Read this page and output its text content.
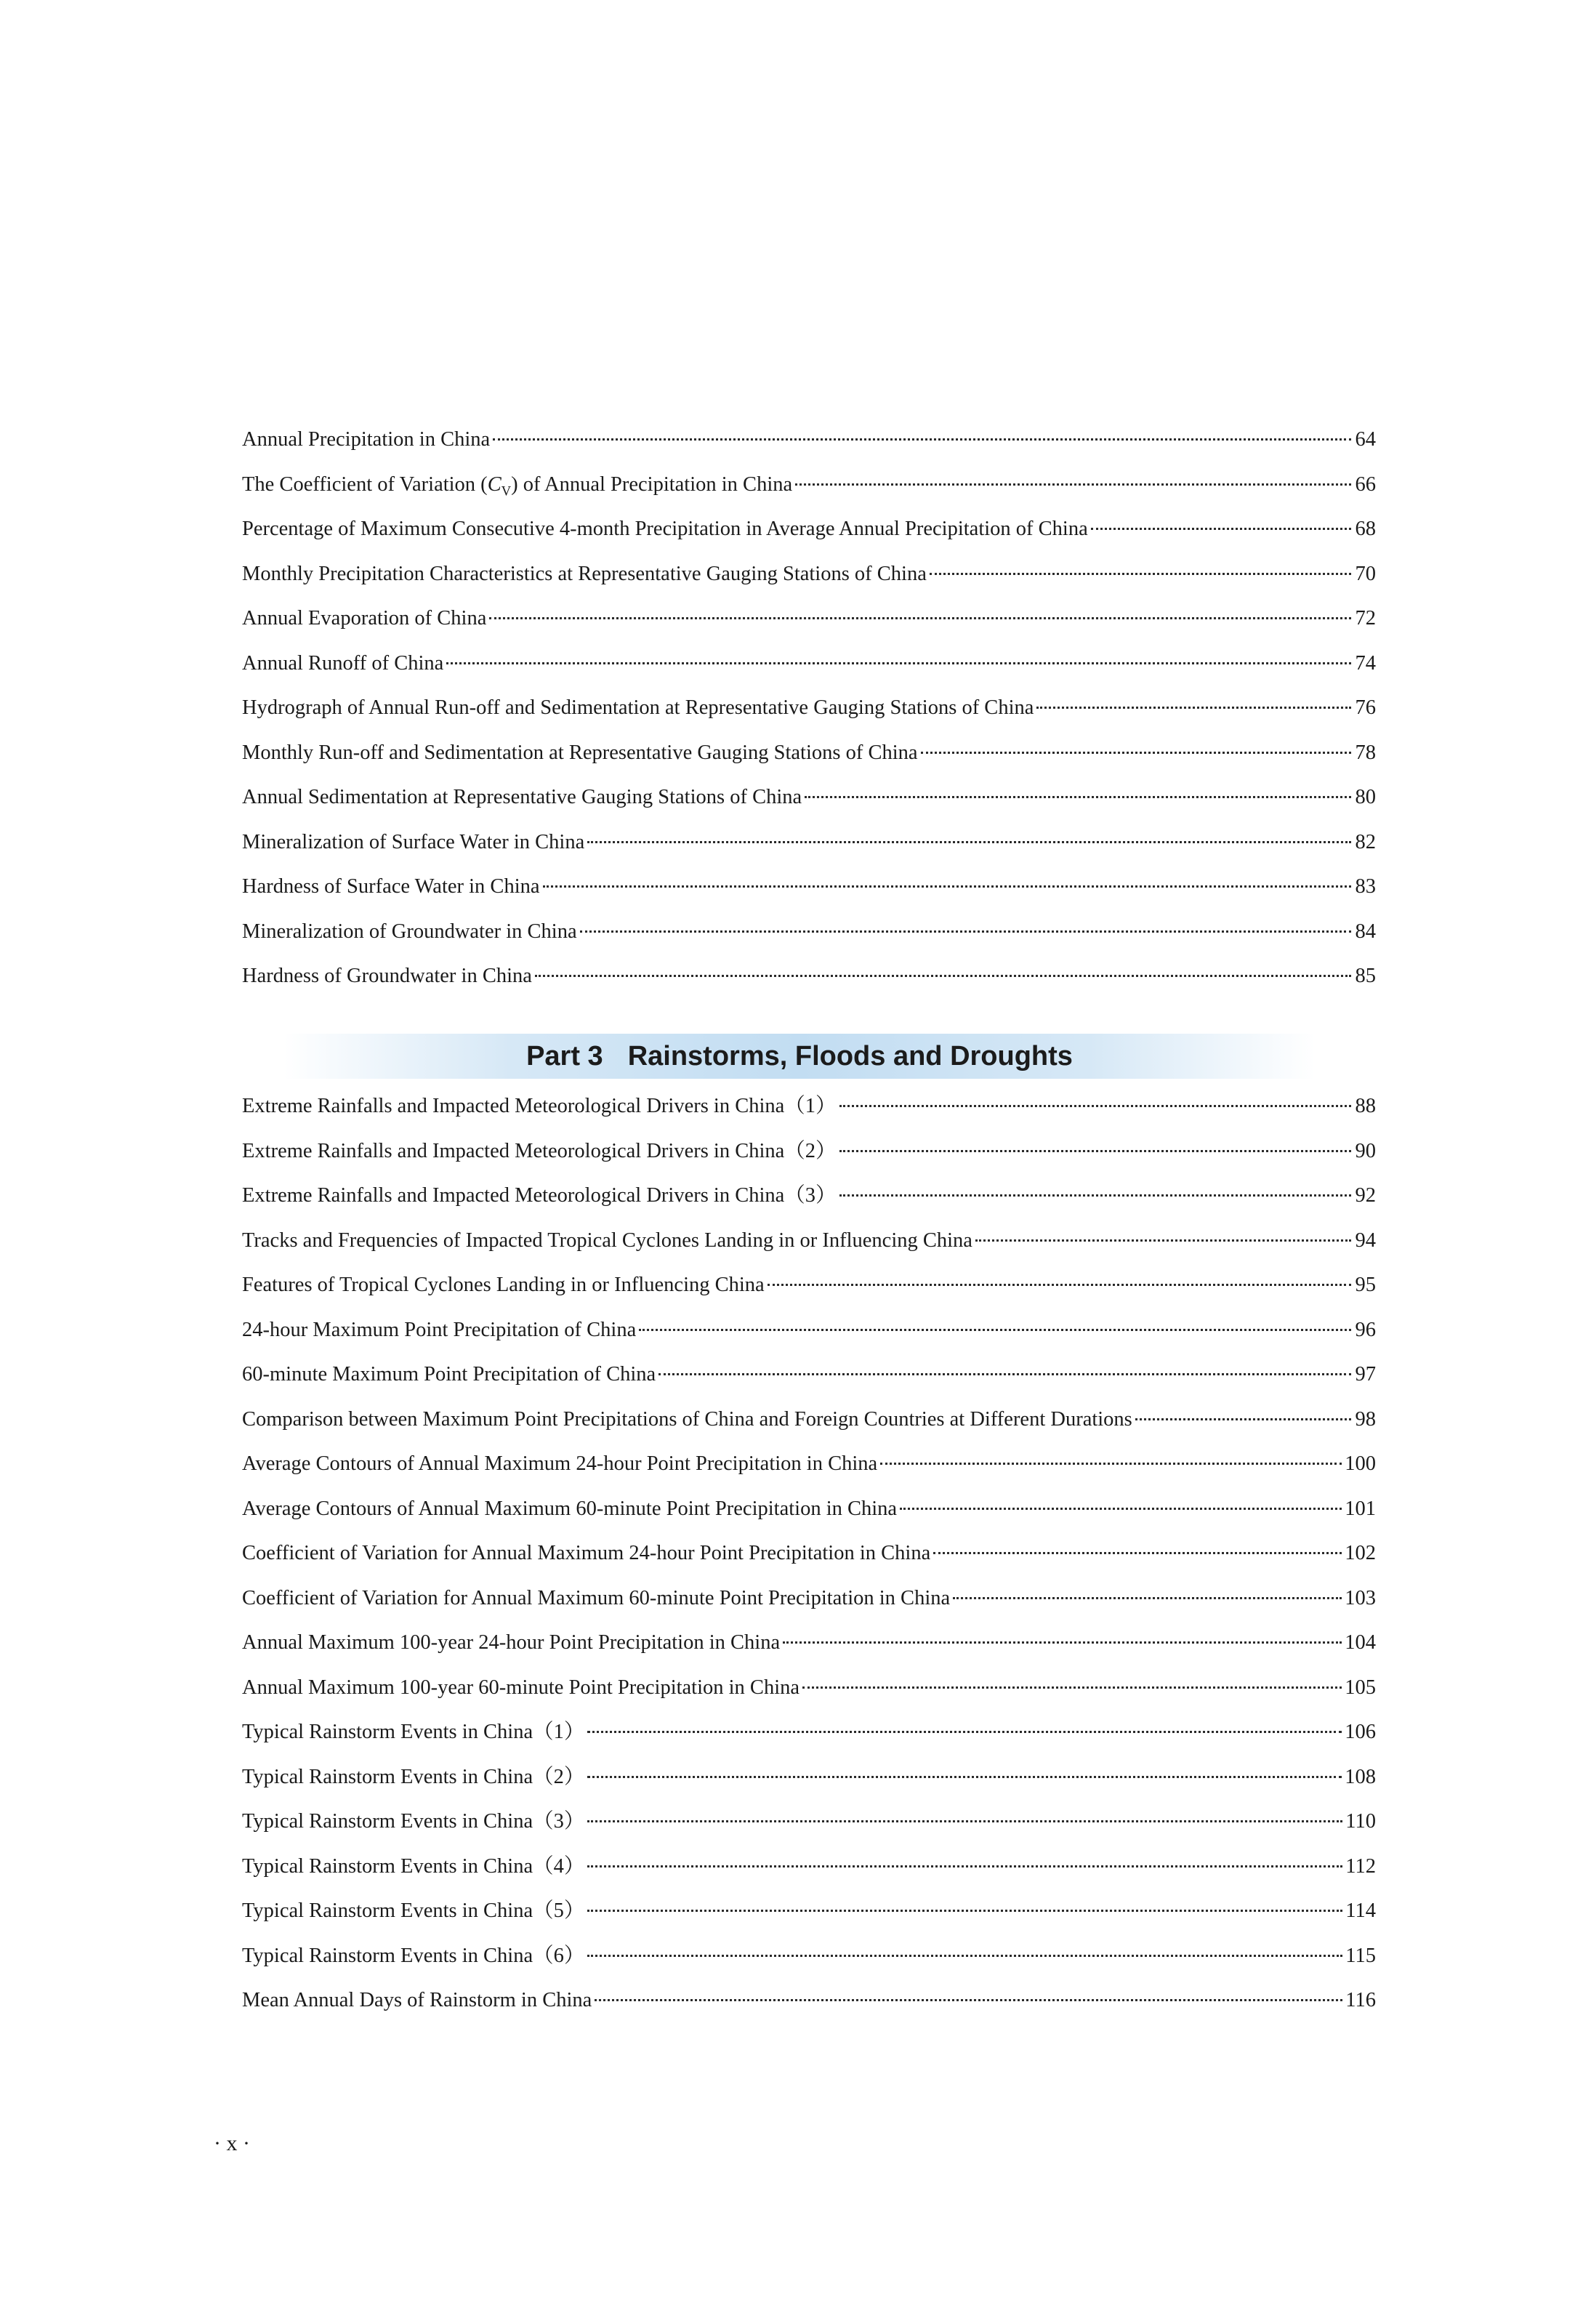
Annual Precipitation in China	64
The Coefficient of Variation $(C_V)$ of Annual Precipitation in China	66
Percentage of Maximum Consecutive 4-month Precipitation in Average Annual Precipitation of China	68
Monthly Precipitation Characteristics at Representative Gauging Stations of China	70
Annual Evaporation of China	72
Annual Runoff of China	74
Hydrograph of Annual Run-off and Sedimentation at Representative Gauging Stations of China	76
Monthly Run-off and Sedimentation at Representative Gauging Stations of China	78
Annual Sedimentation at Representative Gauging Stations of China	80
Mineralization of Surface Water in China	82
Hardness of Surface Water in China	83
Mineralization of Groundwater in China	84
Hardness of Groundwater in China	85
Part 3 Rainstorms, Floods and Droughts
Extreme Rainfalls and Impacted Meteorological Drivers in China（1）	88
Extreme Rainfalls and Impacted Meteorological Drivers in China（2）	90
Extreme Rainfalls and Impacted Meteorological Drivers in China（3）	92
Tracks and Frequencies of Impacted Tropical Cyclones Landing in or Influencing China	94
Features of Tropical Cyclones Landing in or Influencing China	95
24-hour Maximum Point Precipitation of China	96
60-minute Maximum Point Precipitation of China	97
Comparison between Maximum Point Precipitations of China and Foreign Countries at Different Durations	98
Average Contours of Annual Maximum 24-hour Point Precipitation in China	100
Average Contours of Annual Maximum 60-minute Point Precipitation in China	101
Coefficient of Variation for Annual Maximum 24-hour Point Precipitation in China	102
Coefficient of Variation for Annual Maximum 60-minute Point Precipitation in China	103
Annual Maximum 100-year 24-hour Point Precipitation in China	104
Annual Maximum 100-year 60-minute Point Precipitation in China	105
Typical Rainstorm Events in China（1）	106
Typical Rainstorm Events in China（2）	108
Typical Rainstorm Events in China（3）	110
Typical Rainstorm Events in China（4）	112
Typical Rainstorm Events in China（5）	114
Typical Rainstorm Events in China（6）	115
Mean Annual Days of Rainstorm in China	116
· x ·
